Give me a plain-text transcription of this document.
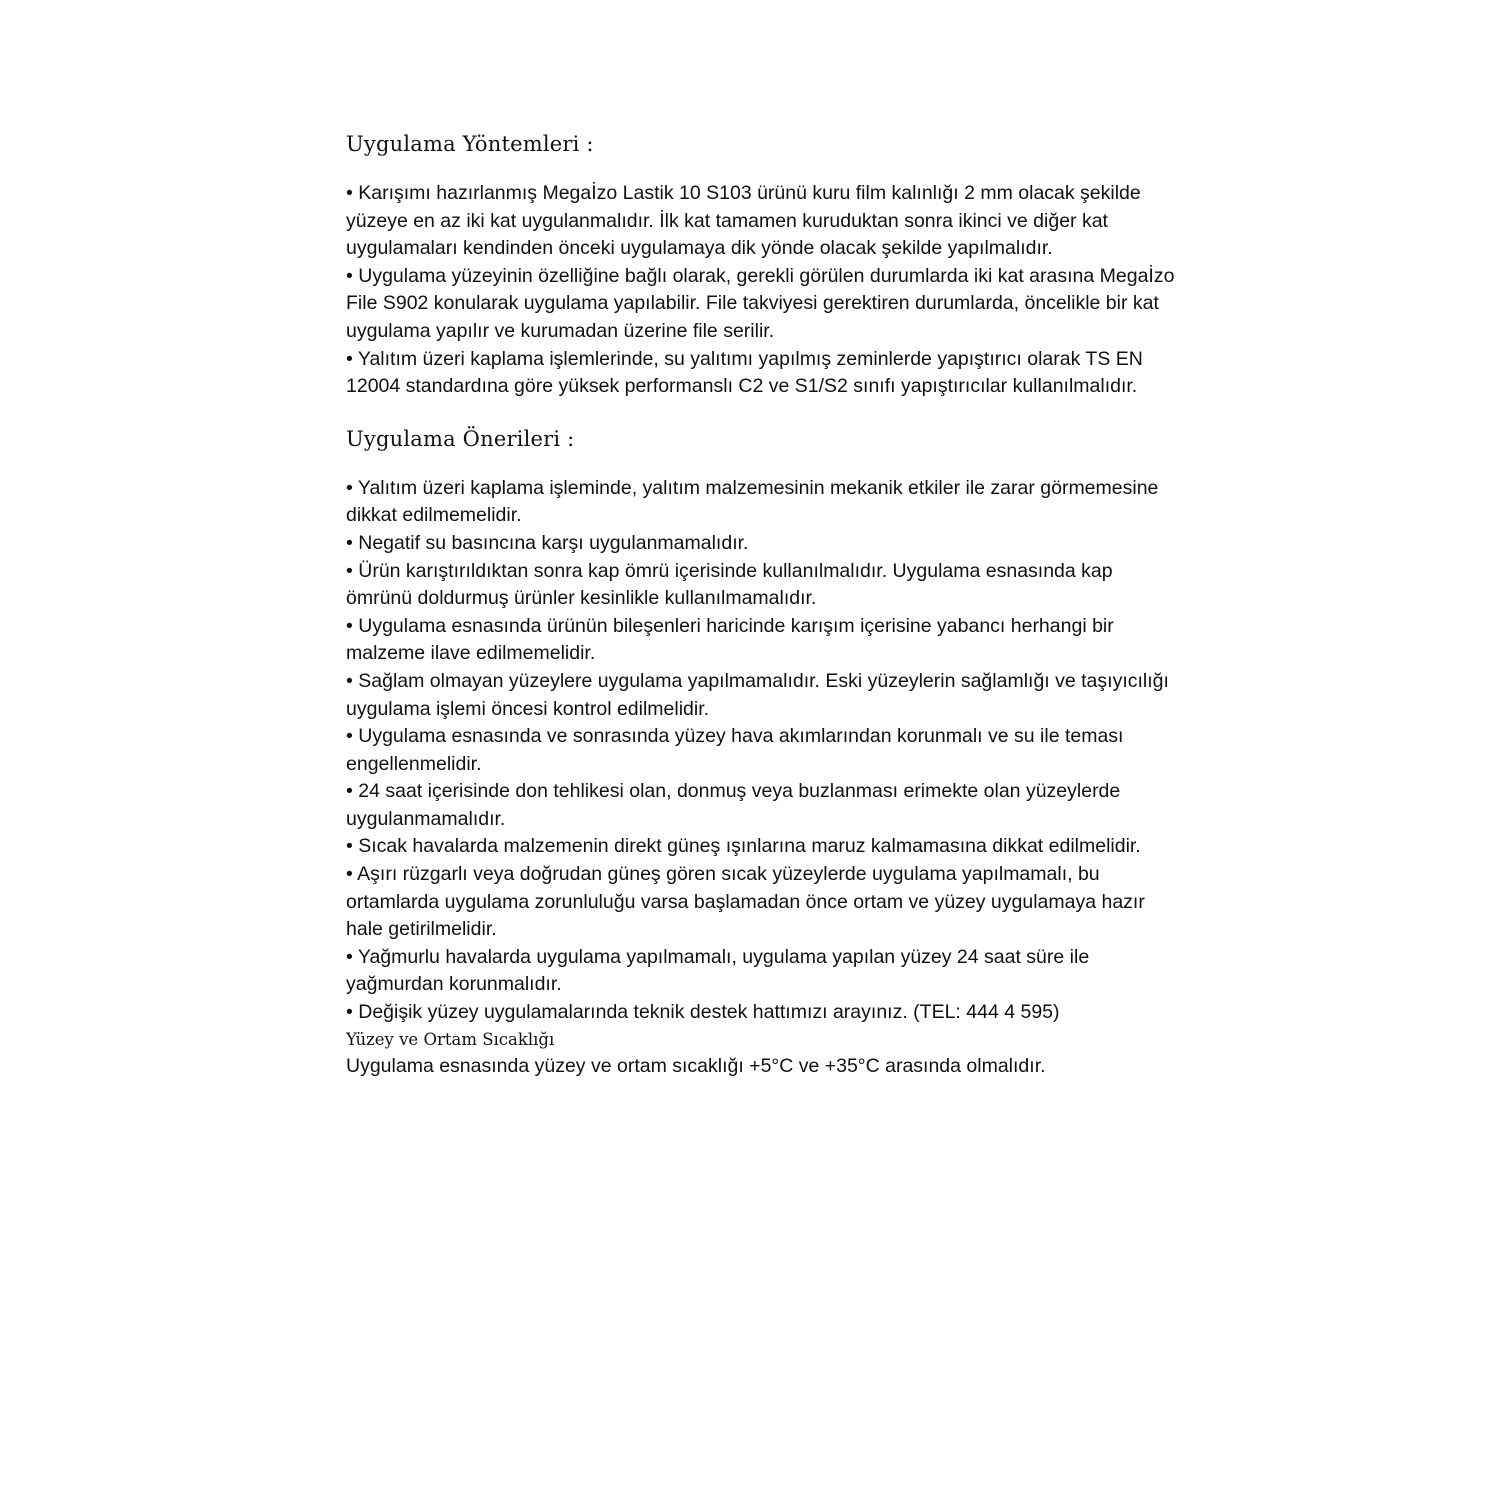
Uygulama Yöntemleri :

• Karışımı hazırlanmış Megaİzo Lastik 10 S103 ürünü kuru film kalınlığı 2 mm olacak şekilde yüzeye en az iki kat uygulanmalıdır. İlk kat tamamen kuruduktan sonra ikinci ve diğer kat uygulamaları kendinden önceki uygulamaya dik yönde olacak şekilde yapılmalıdır.

• Uygulama yüzeyinin özelliğine bağlı olarak, gerekli görülen durumlarda iki kat arasına Megaİzo File S902 konularak uygulama yapılabilir. File takviyesi gerektiren durumlarda, öncelikle bir kat uygulama yapılır ve kurumadan üzerine file serilir.

• Yalıtım üzeri kaplama işlemlerinde, su yalıtımı yapılmış zeminlerde yapıştırıcı olarak TS EN 12004 standardına göre yüksek performanslı C2 ve S1/S2 sınıfı yapıştırıcılar kullanılmalıdır.

Uygulama Önerileri :

• Yalıtım üzeri kaplama işleminde, yalıtım malzemesinin mekanik etkiler ile zarar görmemesine dikkat edilmemelidir.

• Negatif su basıncına karşı uygulanmamalıdır.

• Ürün karıştırıldıktan sonra kap ömrü içerisinde kullanılmalıdır. Uygulama esnasında kap ömrünü doldurmuş ürünler kesinlikle kullanılmamalıdır.

• Uygulama esnasında ürünün bileşenleri haricinde karışım içerisine yabancı herhangi bir malzeme ilave edilmemelidir.

• Sağlam olmayan yüzeylere uygulama yapılmamalıdır. Eski yüzeylerin sağlamlığı ve taşıyıcılığı uygulama işlemi öncesi kontrol edilmelidir.

• Uygulama esnasında ve sonrasında yüzey hava akımlarından korunmalı ve su ile teması engellenmelidir.

• 24 saat içerisinde don tehlikesi olan, donmuş veya buzlanması erimekte olan yüzeylerde uygulanmamalıdır.

• Sıcak havalarda malzemenin direkt güneş ışınlarına maruz kalmamasına dikkat edilmelidir.

• Aşırı rüzgarlı veya doğrudan güneş gören sıcak yüzeylerde uygulama yapılmamalı, bu ortamlarda uygulama zorunluluğu varsa başlamadan önce ortam ve yüzey uygulamaya hazır hale getirilmelidir.

• Yağmurlu havalarda uygulama yapılmamalı, uygulama yapılan yüzey 24 saat süre ile yağmurdan korunmalıdır.

• Değişik yüzey uygulamalarında teknik destek hattımızı arayınız. (TEL: 444 4 595)

Yüzey ve Ortam Sıcaklığı

Uygulama esnasında yüzey ve ortam sıcaklığı +5°C ve +35°C arasında olmalıdır.
